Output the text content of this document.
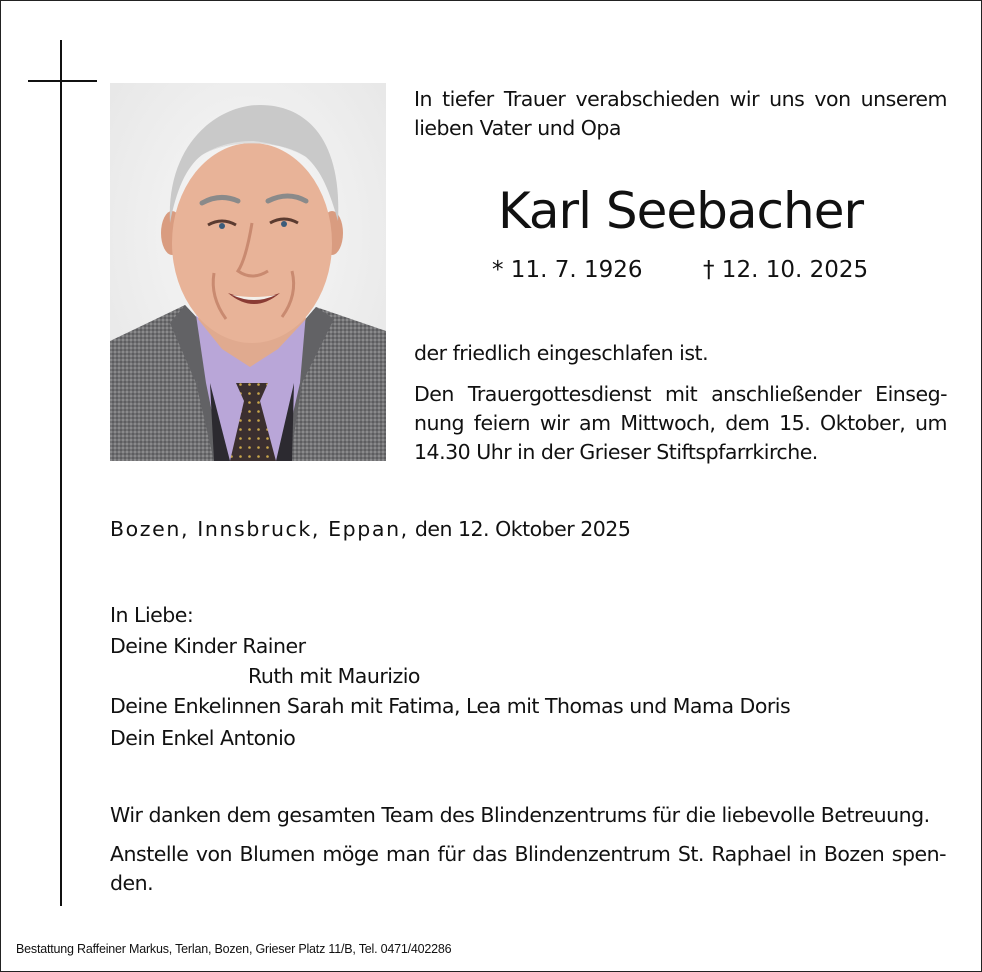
In tiefer Trauer verabschieden wir uns von unserem
lieben Vater und Opa

Karl Seebacher

* 11. 7. 1926	† 12. 10. 2025

der friedlich eingeschlafen ist.

Den Trauergottesdienst mit anschließender Einseg-
nung feiern wir am Mittwoch, dem 15. Oktober, um
14.30 Uhr in der Grieser Stiftspfarrkirche.

Bozen, Innsbruck, Eppan, den 12. Oktober 2025

In Liebe:

Deine Kinder Rainer

Ruth mit Maurizio

Deine Enkelinnen Sarah mit Fatima, Lea mit Thomas und Mama Doris

Dein Enkel Antonio

Wir danken dem gesamten Team des Blindenzentrums für die liebevolle Betreuung.

Anstelle von Blumen möge man für das Blindenzentrum St. Raphael in Bozen spen-
den.

Bestattung Raffeiner Markus, Terlan, Bozen, Grieser Platz 11/B, Tel. 0471/402286
